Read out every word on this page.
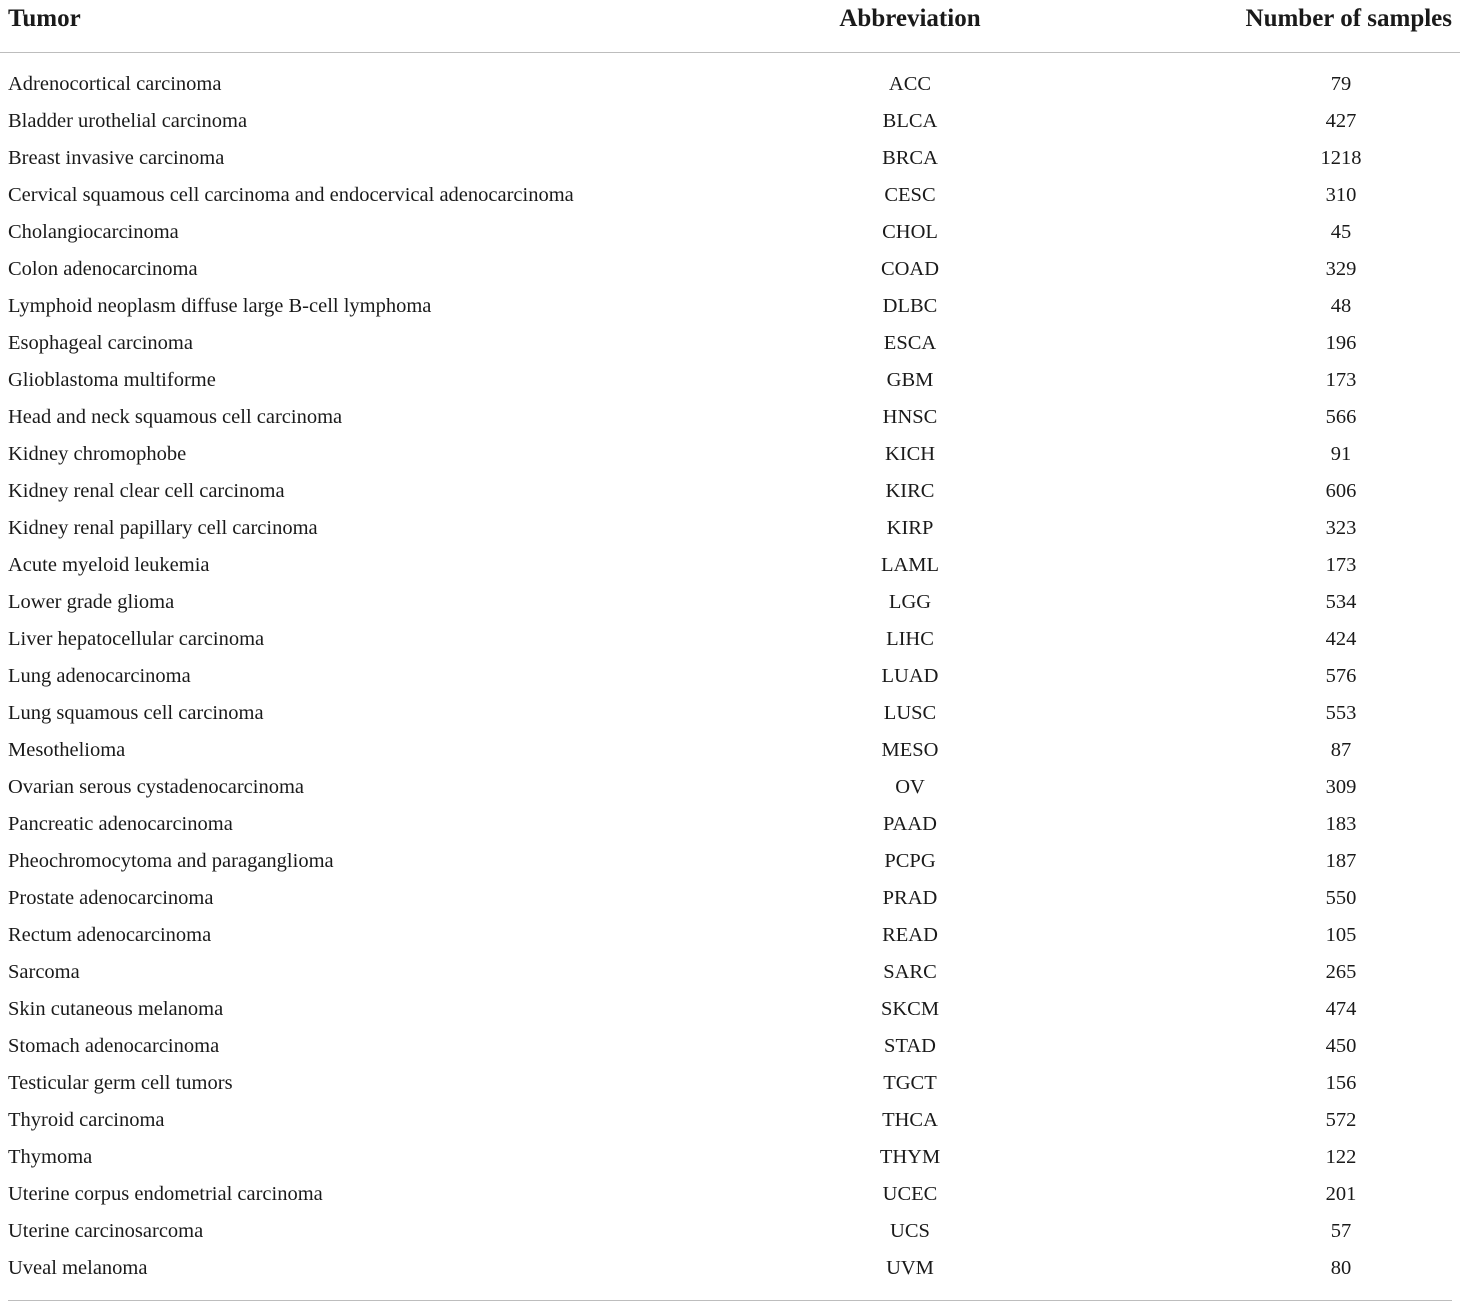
Tumor	Abbreviation	Number of samples
Adrenocortical carcinoma	ACC	79
Bladder urothelial carcinoma	BLCA	427
Breast invasive carcinoma	BRCA	1218
Cervical squamous cell carcinoma and endocervical adenocarcinoma	CESC	310
Cholangiocarcinoma	CHOL	45
Colon adenocarcinoma	COAD	329
Lymphoid neoplasm diffuse large B-cell lymphoma	DLBC	48
Esophageal carcinoma	ESCA	196
Glioblastoma multiforme	GBM	173
Head and neck squamous cell carcinoma	HNSC	566
Kidney chromophobe	KICH	91
Kidney renal clear cell carcinoma	KIRC	606
Kidney renal papillary cell carcinoma	KIRP	323
Acute myeloid leukemia	LAML	173
Lower grade glioma	LGG	534
Liver hepatocellular carcinoma	LIHC	424
Lung adenocarcinoma	LUAD	576
Lung squamous cell carcinoma	LUSC	553
Mesothelioma	MESO	87
Ovarian serous cystadenocarcinoma	OV	309
Pancreatic adenocarcinoma	PAAD	183
Pheochromocytoma and paraganglioma	PCPG	187
Prostate adenocarcinoma	PRAD	550
Rectum adenocarcinoma	READ	105
Sarcoma	SARC	265
Skin cutaneous melanoma	SKCM	474
Stomach adenocarcinoma	STAD	450
Testicular germ cell tumors	TGCT	156
Thyroid carcinoma	THCA	572
Thymoma	THYM	122
Uterine corpus endometrial carcinoma	UCEC	201
Uterine carcinosarcoma	UCS	57
Uveal melanoma	UVM	80
